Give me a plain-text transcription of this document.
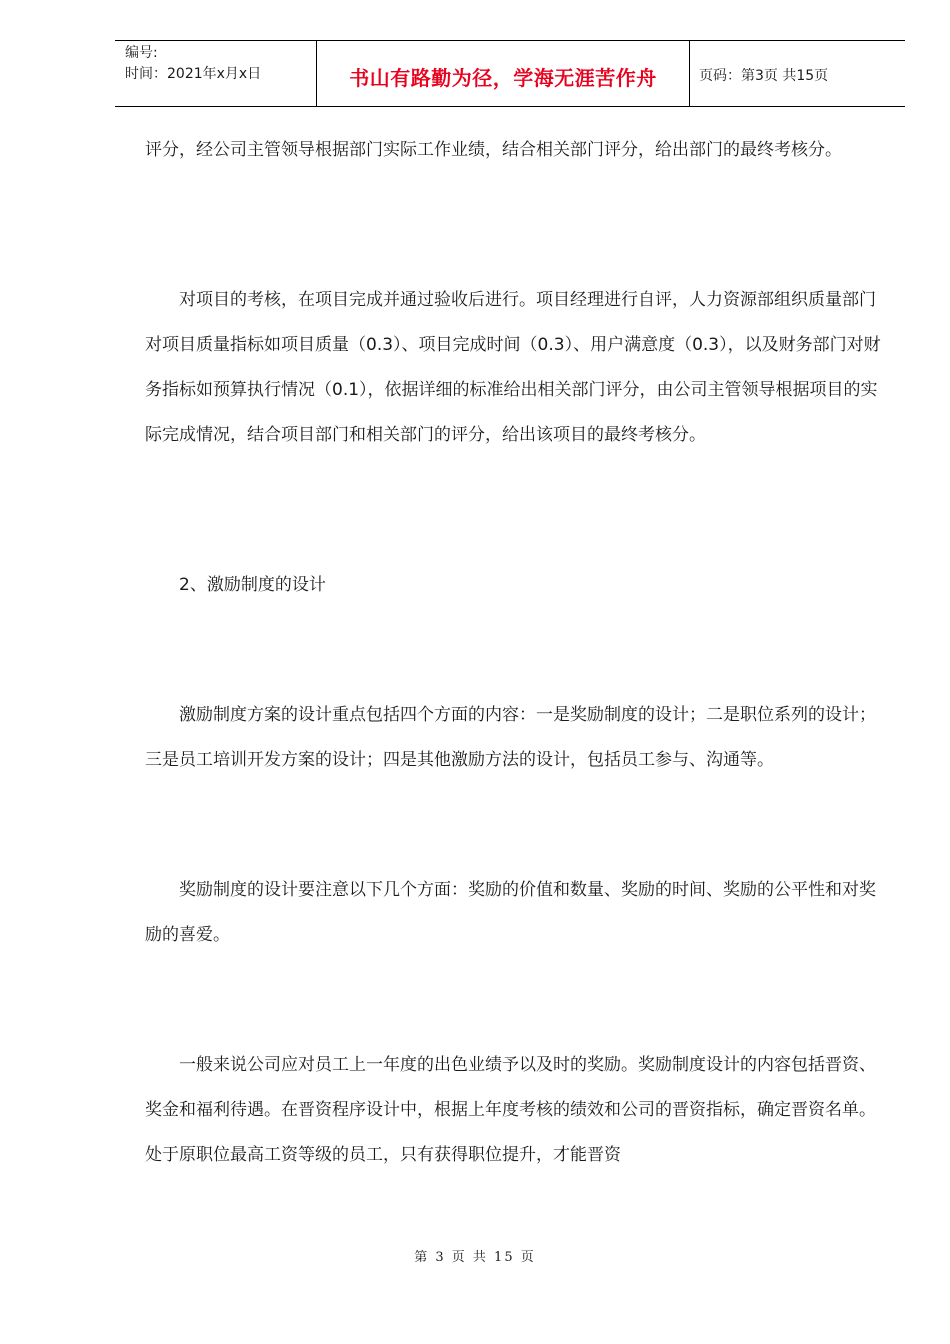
编号:
时间：2021年x月x日	书山有路勤为径，学海无涯苦作舟	页码：第3页 共15页

评分，经公司主管领导根据部门实际工作业绩，结合相关部门评分，给出部门的最终考核分。

对项目的考核，在项目完成并通过验收后进行。项目经理进行自评，人力资源部组织质量部门对项目质量指标如项目质量（0.3）、项目完成时间（0.3）、用户满意度（0.3），以及财务部门对财务指标如预算执行情况（0.1），依据详细的标准给出相关部门评分，由公司主管领导根据项目的实际完成情况，结合项目部门和相关部门的评分，给出该项目的最终考核分。

2、激励制度的设计

激励制度方案的设计重点包括四个方面的内容：一是奖励制度的设计；二是职位系列的设计；三是员工培训开发方案的设计；四是其他激励方法的设计，包括员工参与、沟通等。

奖励制度的设计要注意以下几个方面：奖励的价值和数量、奖励的时间、奖励的公平性和对奖励的喜爱。

一般来说公司应对员工上一年度的出色业绩予以及时的奖励。奖励制度设计的内容包括晋资、奖金和福利待遇。在晋资程序设计中，根据上年度考核的绩效和公司的晋资指标，确定晋资名单。处于原职位最高工资等级的员工，只有获得职位提升，才能晋资

第 3 页 共 15 页
